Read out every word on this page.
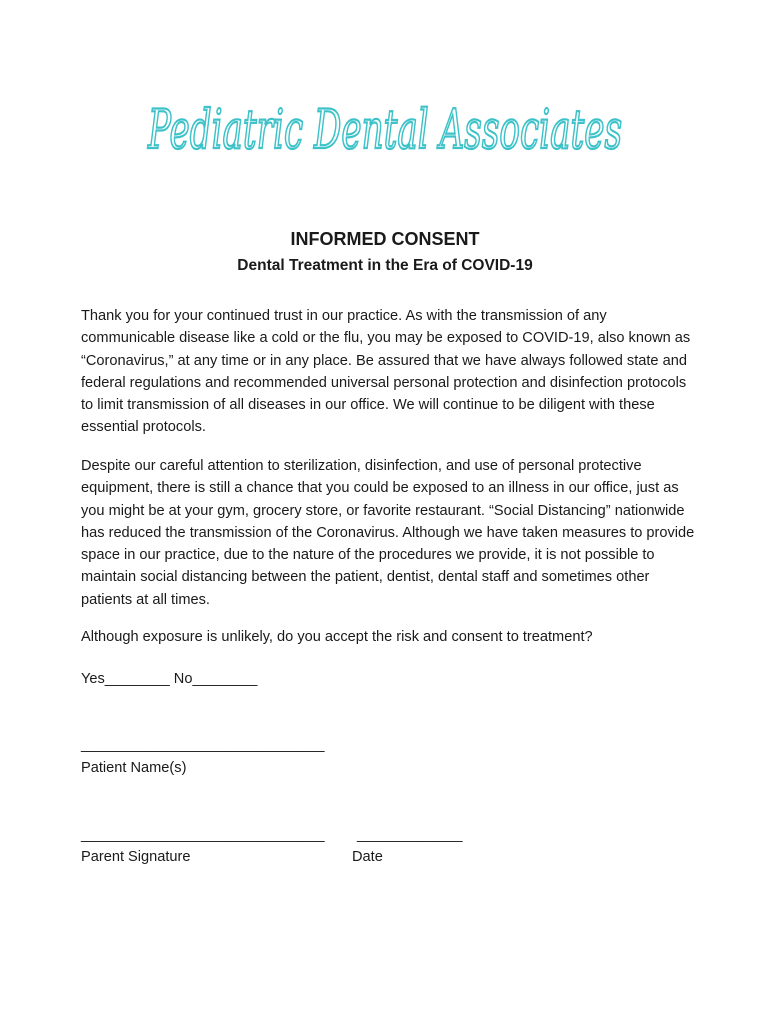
Pediatric Dental Associates
INFORMED CONSENT
Dental Treatment in the Era of COVID-19

Thank you for your continued trust in our practice. As with the transmission of any communicable disease like a cold or the flu, you may be exposed to COVID-19, also known as “Coronavirus,” at any time or in any place. Be assured that we have always followed state and federal regulations and recommended universal personal protection and disinfection protocols to limit transmission of all diseases in our office. We will continue to be diligent with these essential protocols.

Despite our careful attention to sterilization, disinfection, and use of personal protective equipment, there is still a chance that you could be exposed to an illness in our office, just as you might be at your gym, grocery store, or favorite restaurant. “Social Distancing” nationwide has reduced the transmission of the Coronavirus. Although we have taken measures to provide space in our practice, due to the nature of the procedures we provide, it is not possible to maintain social distancing between the patient, dentist, dental staff and sometimes other patients at all times.

Although exposure is unlikely, do you accept the risk and consent to treatment?

Yes________ No________
______________________________
Patient Name(s)
______________________________ _____________
Parent Signature	Date
